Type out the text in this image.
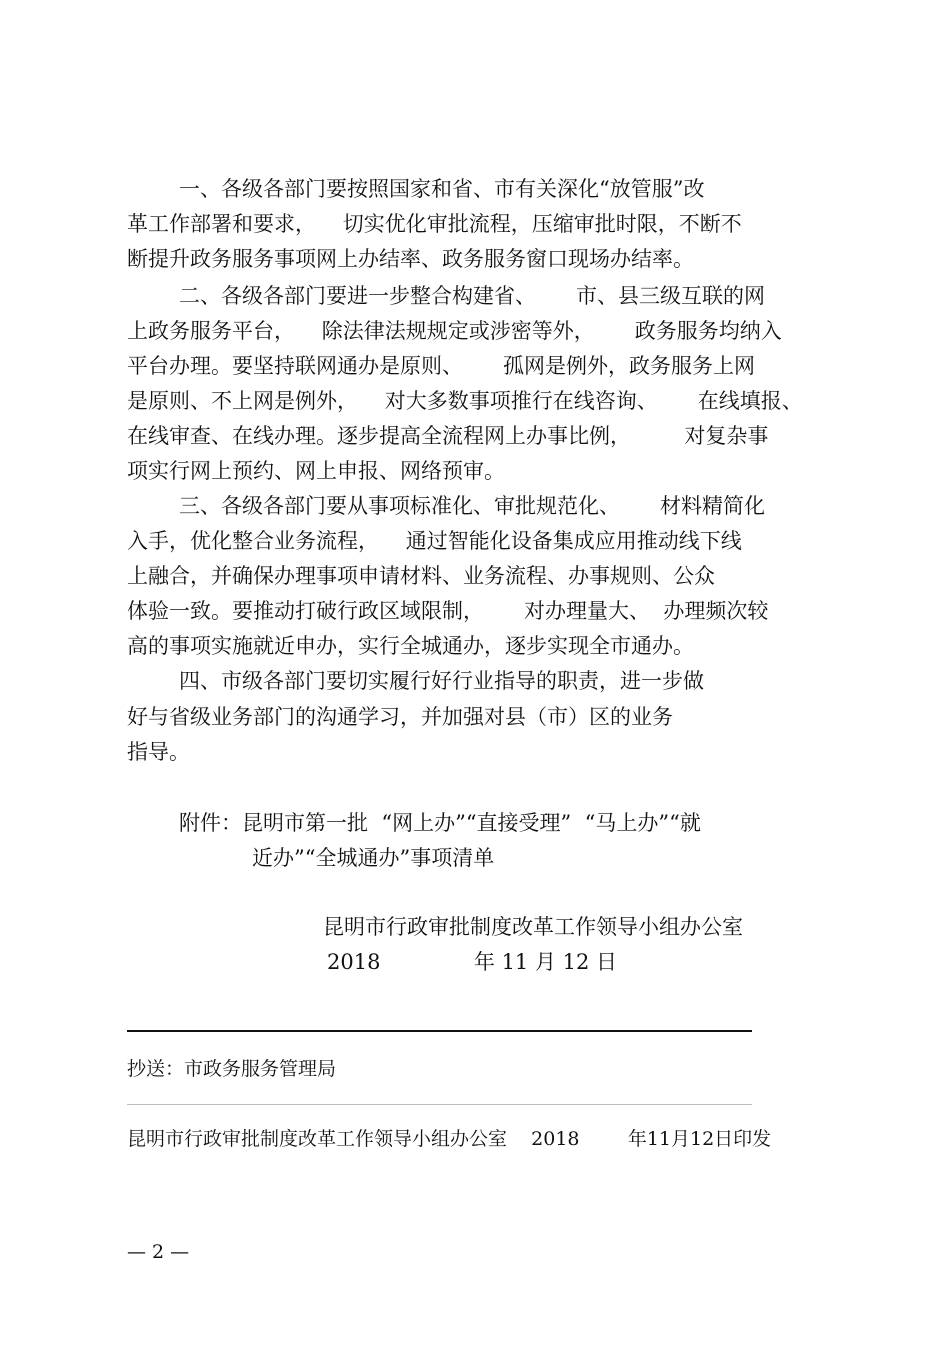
一、各级各部门要按照国家和省、市有关深化“放管服”改

革工作部署和要求，    切实优化审批流程，压缩审批时限，不断不

断提升政务服务事项网上办结率、政务服务窗口现场办结率。

二、各级各部门要进一步整合构建省、      市、县三级互联的网

上政务服务平台，    除法律法规规定或涉密等外，      政务服务均纳入

平台办理。要坚持联网通办是原则、      孤网是例外，政务服务上网

是原则、不上网是例外，    对大多数事项推行在线咨询、      在线填报、

在线审查、在线办理。逐步提高全流程网上办事比例，        对复杂事

项实行网上预约、网上申报、网络预审。

三、各级各部门要从事项标准化、审批规范化、      材料精简化

入手，优化整合业务流程，    通过智能化设备集成应用推动线下线

上融合，并确保办理事项申请材料、业务流程、办事规则、公众

体验一致。要推动打破行政区域限制，      对办理量大、  办理频次较

高的事项实施就近申办，实行全城通办，逐步实现全市通办。

四、市级各部门要切实履行好行业指导的职责，进一步做

好与省级业务部门的沟通学习，并加强对县（市）区的业务

指导。

附件：昆明市第一批  “网上办”“直接受理”  “马上办”“就

近办”“全城通办”事项清单

昆明市行政审批制度改革工作领导小组办公室

2018              年 11 月 12 日

抄送：市政务服务管理局

昆明市行政审批制度改革工作领导小组办公室    2018        年11月12日印发

— 2 —
